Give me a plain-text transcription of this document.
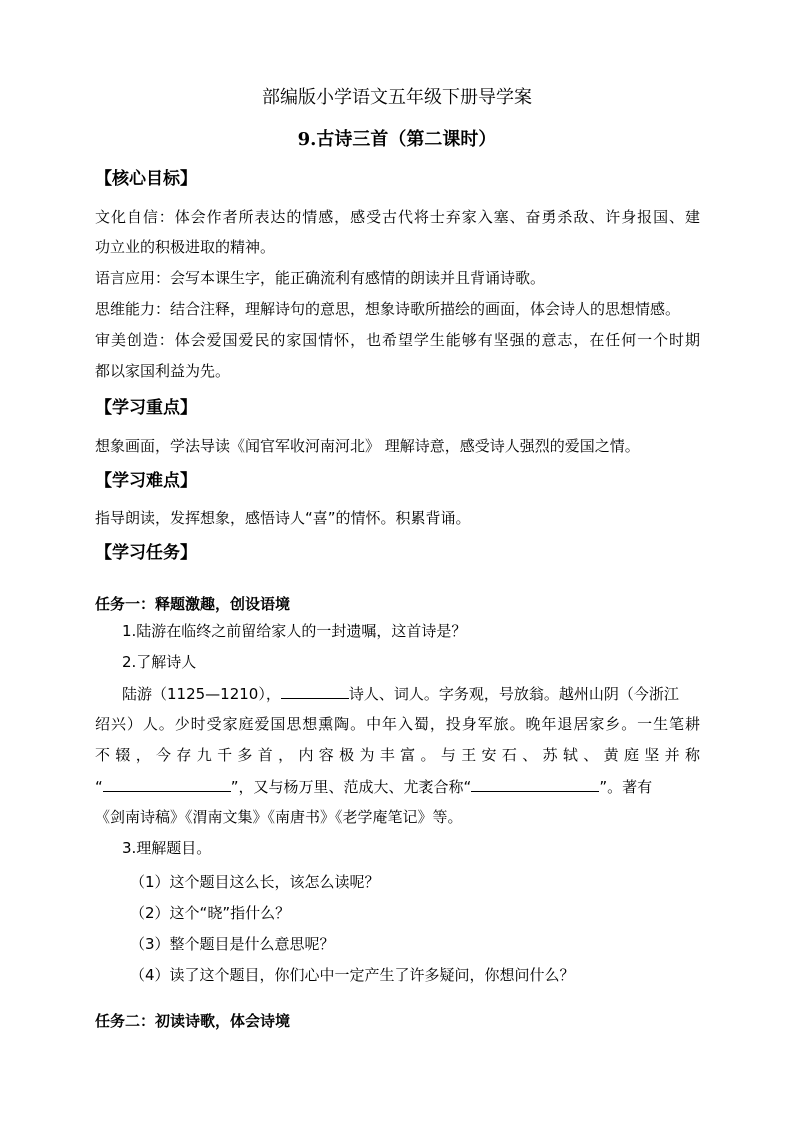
部编版小学语文五年级下册导学案
9.古诗三首（第二课时）
【核心目标】
文化自信：体会作者所表达的情感，感受古代将士弃家入塞、奋勇杀敌、许身报国、建
功立业的积极进取的精神。
语言应用：会写本课生字，能正确流利有感情的朗读并且背诵诗歌。
思维能力：结合注释，理解诗句的意思，想象诗歌所描绘的画面，体会诗人的思想情感。
审美创造：体会爱国爱民的家国情怀，也希望学生能够有坚强的意志，在任何一个时期
都以家国利益为先。
【学习重点】
想象画面，学法导读《闻官军收河南河北》 理解诗意，感受诗人强烈的爱国之情。
【学习难点】
指导朗读，发挥想象，感悟诗人“喜”的情怀。积累背诵。
【学习任务】
任务一：释题激趣，创设语境
1.陆游在临终之前留给家人的一封遗嘱，这首诗是？
2.了解诗人
陆游（1125—1210），	诗人、词人。字务观，号放翁。越州山阴（今浙江
绍兴）人。少时受家庭爱国思想熏陶。中年入蜀，投身军旅。晚年退居家乡。一生笔耕
不辍，今存九千多首，内容极为丰富。与王安石、苏轼、黄庭坚并称
“	”，又与杨万里、范成大、尤袤合称“	”。著有
《剑南诗稿》《渭南文集》《南唐书》《老学庵笔记》等。
3.理解题目。
（1）这个题目这么长，该怎么读呢？
（2）这个“晓”指什么？
（3）整个题目是什么意思呢？
（4）读了这个题目，你们心中一定产生了许多疑问，你想问什么？
任务二：初读诗歌，体会诗境
